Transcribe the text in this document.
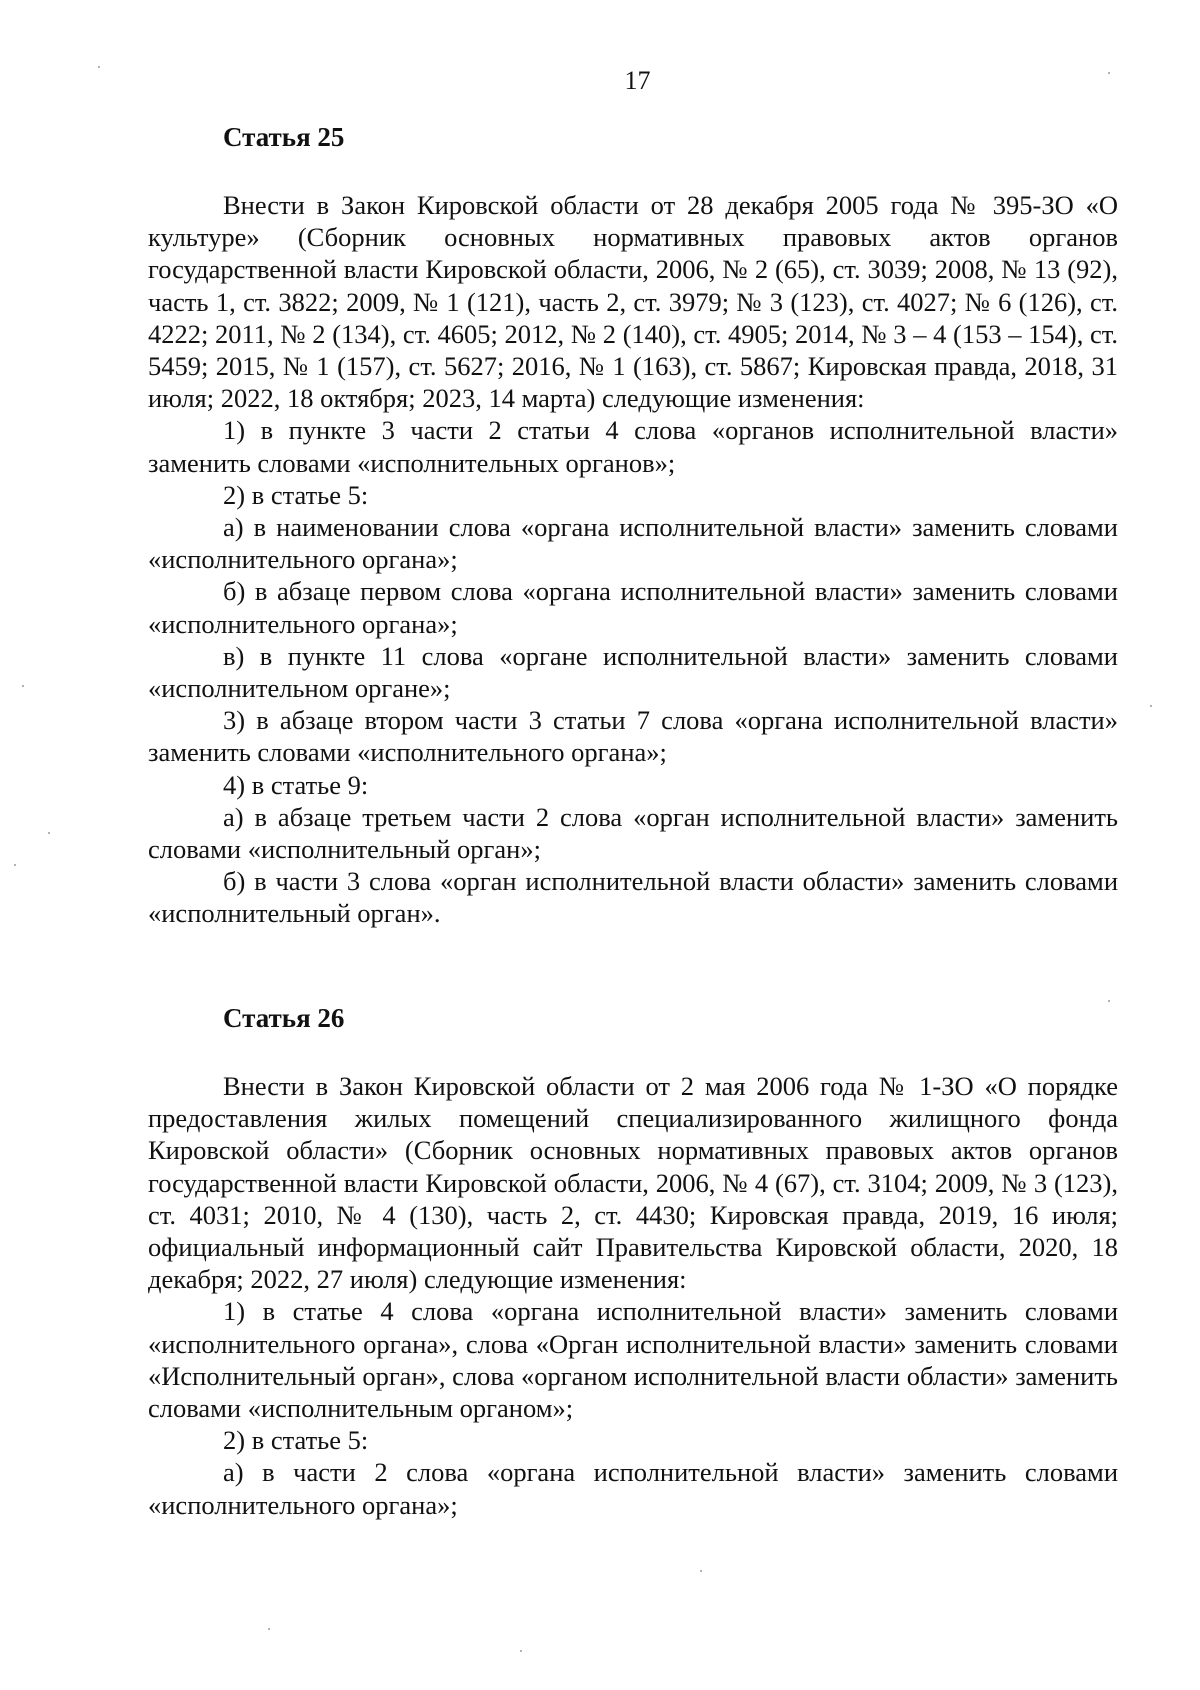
17
Статья 25

Внести в Закон Кировской области от 28 декабря 2005 года № 395-ЗО «О культуре» (Сборник основных нормативных правовых актов органов государственной власти Кировской области, 2006, № 2 (65), ст. 3039; 2008, № 13 (92), часть 1, ст. 3822; 2009, № 1 (121), часть 2, ст. 3979; № 3 (123), ст. 4027; № 6 (126), ст. 4222; 2011, № 2 (134), ст. 4605; 2012, № 2 (140), ст. 4905; 2014, № 3 – 4 (153 – 154), ст. 5459; 2015, № 1 (157), ст. 5627; 2016, № 1 (163), ст. 5867; Кировская правда, 2018, 31 июля; 2022, 18 октября; 2023, 14 марта) следующие изменения:

1) в пункте 3 части 2 статьи 4 слова «органов исполнительной власти» заменить словами «исполнительных органов»;

2) в статье 5:

а) в наименовании слова «органа исполнительной власти» заменить словами «исполнительного органа»;

б) в абзаце первом слова «органа исполнительной власти» заменить словами «исполнительного органа»;

в) в пункте 11 слова «органе исполнительной власти» заменить словами «исполнительном органе»;

3) в абзаце втором части 3 статьи 7 слова «органа исполнительной власти» заменить словами «исполнительного органа»;

4) в статье 9:

а) в абзаце третьем части 2 слова «орган исполнительной власти» заменить словами «исполнительный орган»;

б) в части 3 слова «орган исполнительной власти области» заменить словами «исполнительный орган».

Статья 26

Внести в Закон Кировской области от 2 мая 2006 года № 1-ЗО «О порядке предоставления жилых помещений специализированного жилищного фонда Кировской области» (Сборник основных нормативных правовых актов органов государственной власти Кировской области, 2006, № 4 (67), ст. 3104; 2009, № 3 (123), ст. 4031; 2010, № 4 (130), часть 2, ст. 4430; Кировская правда, 2019, 16 июля; официальный информационный сайт Правительства Кировской области, 2020, 18 декабря; 2022, 27 июля) следующие изменения:

1) в статье 4 слова «органа исполнительной власти» заменить словами «исполнительного органа», слова «Орган исполнительной власти» заменить словами «Исполнительный орган», слова «органом исполнительной власти области» заменить словами «исполнительным органом»;

2) в статье 5:

а) в части 2 слова «органа исполнительной власти» заменить словами «исполнительного органа»;
